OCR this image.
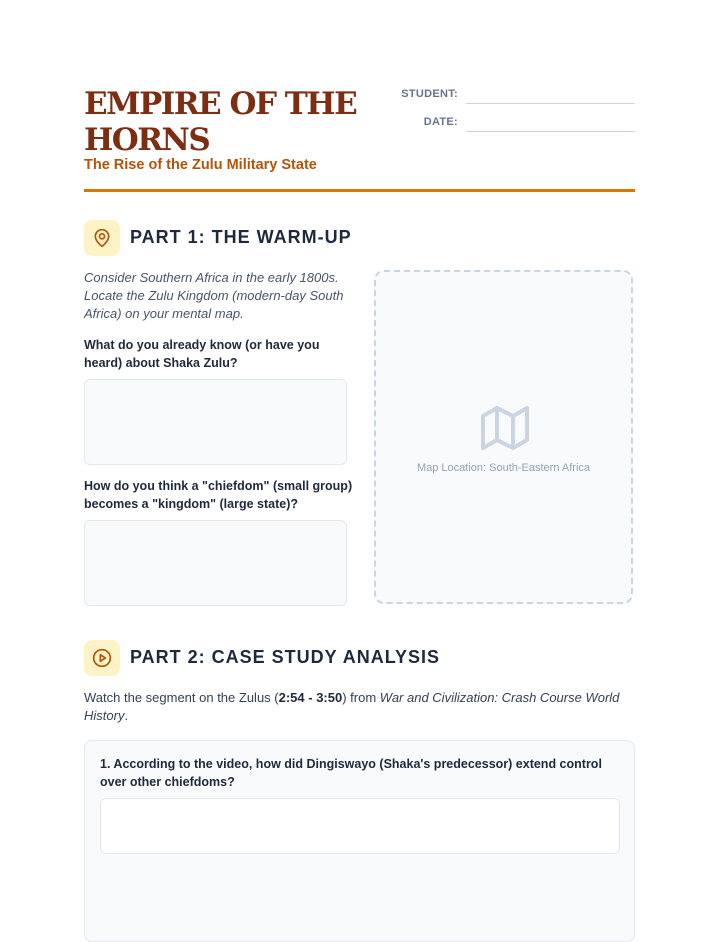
EMPIRE OF THE
HORNS
The Rise of the Zulu Military State
STUDENT:
DATE:
PART 1: THE WARM-UP
Consider Southern Africa in the early 1800s. Locate the Zulu Kingdom (modern-day South Africa) on your mental map.
What do you already know (or have you heard) about Shaka Zulu?
How do you think a "chiefdom" (small group) becomes a "kingdom" (large state)?
Map Location: South-Eastern Africa
PART 2: CASE STUDY ANALYSIS
Watch the segment on the Zulus (2:54 - 3:50) from War and Civilization: Crash Course World History.
1. According to the video, how did Dingiswayo (Shaka's predecessor) extend control over other chiefdoms?
